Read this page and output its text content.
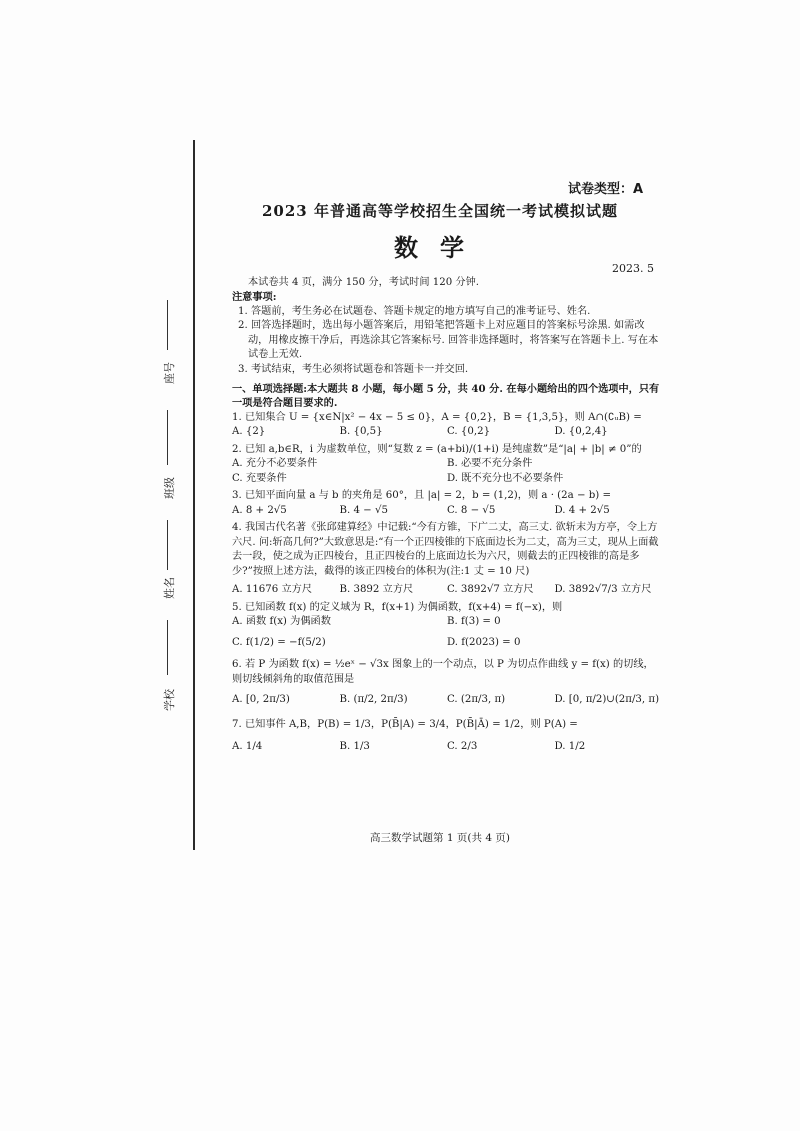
座号
班级
姓名
学校
试卷类型：A
2023 年普通高等学校招生全国统一考试模拟试题
数学
2023. 5
本试卷共 4 页，满分 150 分，考试时间 120 分钟.
注意事项:
1. 答题前，考生务必在试题卷、答题卡规定的地方填写自己的准考证号、姓名.
2. 回答选择题时，选出每小题答案后，用铅笔把答题卡上对应题目的答案标号涂黑. 如需改动，用橡皮擦干净后，再选涂其它答案标号. 回答非选择题时，将答案写在答题卡上. 写在本试卷上无效.
3. 考试结束，考生必须将试题卷和答题卡一并交回.
一、单项选择题:本大题共 8 小题，每小题 5 分，共 40 分. 在每小题给出的四个选项中，只有一项是符合题目要求的.
1. 已知集合 U = {x∈N|x² − 4x − 5 ≤ 0}，A = {0,2}，B = {1,3,5}，则 A∩(∁ᵤB) =
A. {2}	B. {0,5}	C. {0,2}	D. {0,2,4}
2. 已知 a,b∈R，i 为虚数单位，则“复数 z = (a+bi)/(1+i) 是纯虚数”是“|a| + |b| ≠ 0”的
A. 充分不必要条件	B. 必要不充分条件
C. 充要条件	D. 既不充分也不必要条件
3. 已知平面向量 a 与 b 的夹角是 60°，且 |a| = 2，b = (1,2)，则 a · (2a − b) =
A. 8 + 2√5	B. 4 − √5	C. 8 − √5	D. 4 + 2√5
4. 我国古代名著《张邱建算经》中记载:“今有方锥，下广二丈，高三丈. 欲斩末为方亭，令上方六尺. 问:斩高几何?”大致意思是:“有一个正四棱锥的下底面边长为二丈，高为三丈，现从上面截去一段，使之成为正四棱台，且正四棱台的上底面边长为六尺，则截去的正四棱锥的高是多少?”按照上述方法，截得的该正四棱台的体积为(注:1 丈 = 10 尺)
A. 11676 立方尺	B. 3892 立方尺	C. 3892√7 立方尺	D. 3892√7/3 立方尺
5. 已知函数 f(x) 的定义域为 R，f(x+1) 为偶函数，f(x+4) = f(−x)，则
A. 函数 f(x) 为偶函数	B. f(3) = 0
C. f(1/2) = −f(5/2)	D. f(2023) = 0
6. 若 P 为函数 f(x) = ½eˣ − √3x 图象上的一个动点，以 P 为切点作曲线 y = f(x) 的切线，则切线倾斜角的取值范围是
A. [0, 2π/3)	B. (π/2, 2π/3)	C. (2π/3, π)	D. [0, π/2)∪(2π/3, π)
7. 已知事件 A,B，P(B) = 1/3，P(B̄|A) = 3/4，P(B̄|Ā) = 1/2，则 P(A) =
A. 1/4	B. 1/3	C. 2/3	D. 1/2
高三数学试题第 1 页(共 4 页)
